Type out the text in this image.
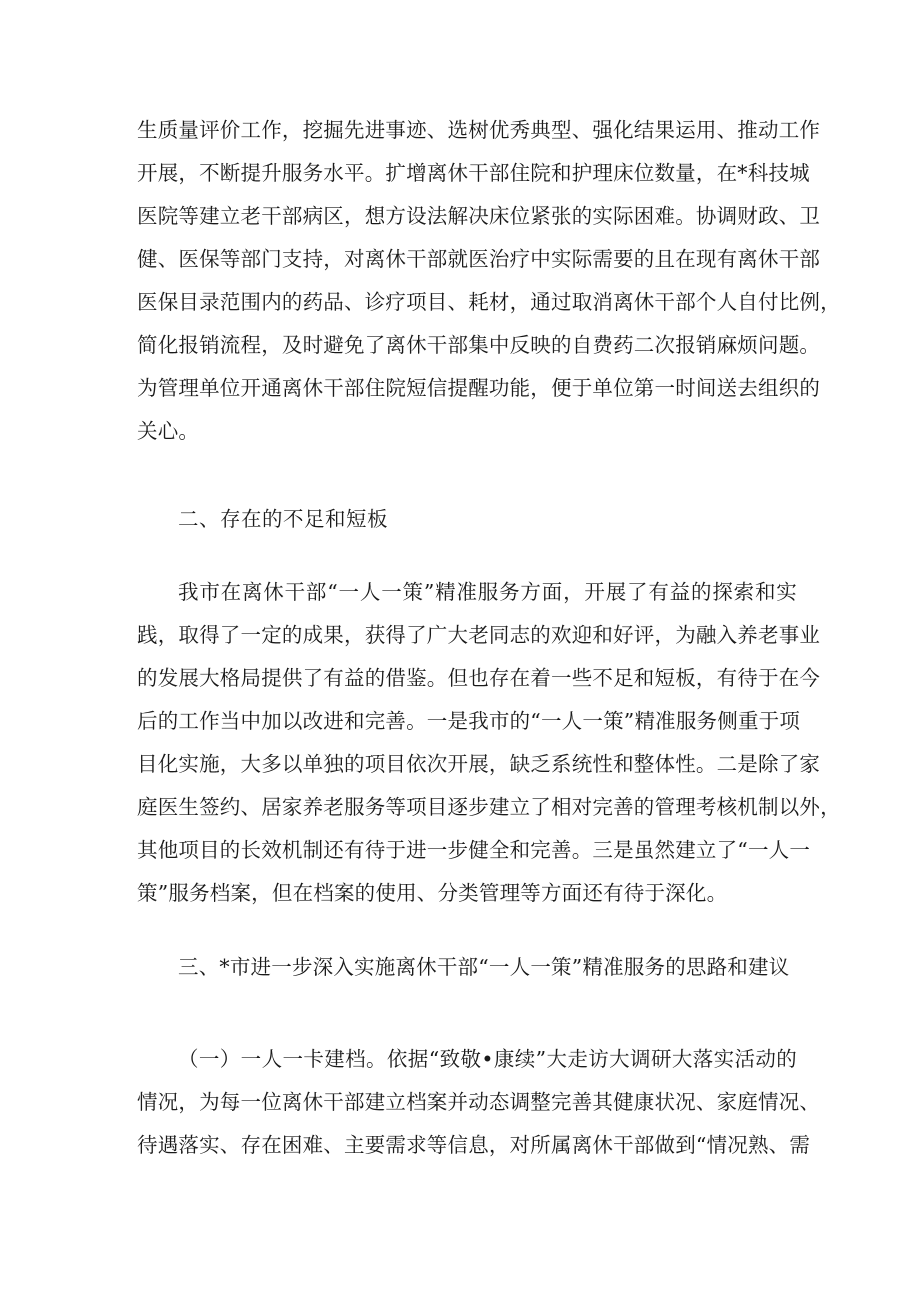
生质量评价工作，挖掘先进事迹、选树优秀典型、强化结果运用、推动工作
开展，不断提升服务水平。扩增离休干部住院和护理床位数量，在*科技城
医院等建立老干部病区，想方设法解决床位紧张的实际困难。协调财政、卫
健、医保等部门支持，对离休干部就医治疗中实际需要的且在现有离休干部
医保目录范围内的药品、诊疗项目、耗材，通过取消离休干部个人自付比例，
简化报销流程，及时避免了离休干部集中反映的自费药二次报销麻烦问题。
为管理单位开通离休干部住院短信提醒功能，便于单位第一时间送去组织的
关心。
二、存在的不足和短板
我市在离休干部“一人一策”精准服务方面，开展了有益的探索和实
践，取得了一定的成果，获得了广大老同志的欢迎和好评，为融入养老事业
的发展大格局提供了有益的借鉴。但也存在着一些不足和短板，有待于在今
后的工作当中加以改进和完善。一是我市的“一人一策”精准服务侧重于项
目化实施，大多以单独的项目依次开展，缺乏系统性和整体性。二是除了家
庭医生签约、居家养老服务等项目逐步建立了相对完善的管理考核机制以外，
其他项目的长效机制还有待于进一步健全和完善。三是虽然建立了“一人一
策”服务档案，但在档案的使用、分类管理等方面还有待于深化。
三、*市进一步深入实施离休干部“一人一策”精准服务的思路和建议
（一）一人一卡建档。依据“致敬•康续”大走访大调研大落实活动的
情况，为每一位离休干部建立档案并动态调整完善其健康状况、家庭情况、
待遇落实、存在困难、主要需求等信息，对所属离休干部做到“情况熟、需
